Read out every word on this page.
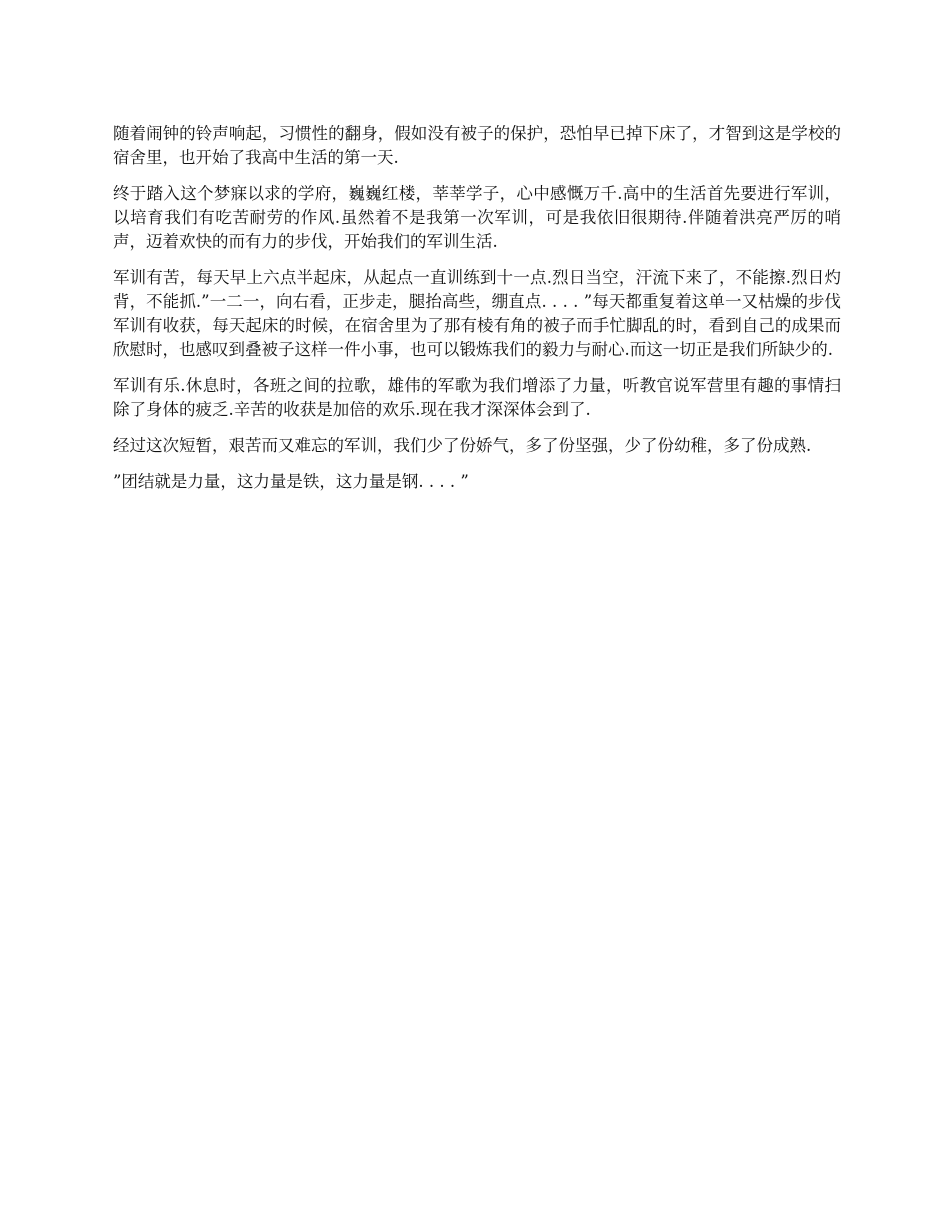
随着闹钟的铃声响起，习惯性的翻身，假如没有被子的保护，恐怕早已掉下床了，才智到这是学校的宿舍里，也开始了我高中生活的第一天.

终于踏入这个梦寐以求的学府，巍巍红楼，莘莘学子，心中感慨万千.高中的生活首先要进行军训，以培育我们有吃苦耐劳的作风.虽然着不是我第一次军训，可是我依旧很期待.伴随着洪亮严厉的哨声，迈着欢快的而有力的步伐，开始我们的军训生活.

军训有苦，每天早上六点半起床，从起点一直训练到十一点.烈日当空，汗流下来了，不能擦.烈日灼背，不能抓.”一二一，向右看，正步走，腿抬高些，绷直点. . . . ”每天都重复着这单一又枯燥的步伐 军训有收获，每天起床的时候，在宿舍里为了那有棱有角的被子而手忙脚乱的时，看到自己的成果而欣慰时，也感叹到叠被子这样一件小事，也可以锻炼我们的毅力与耐心.而这一切正是我们所缺少的.

军训有乐.休息时，各班之间的拉歌，雄伟的军歌为我们增添了力量，听教官说军营里有趣的事情扫除了身体的疲乏.辛苦的收获是加倍的欢乐.现在我才深深体会到了.

经过这次短暂，艰苦而又难忘的军训，我们少了份娇气，多了份坚强，少了份幼稚，多了份成熟.

”团结就是力量，这力量是铁，这力量是钢. . . . ”
